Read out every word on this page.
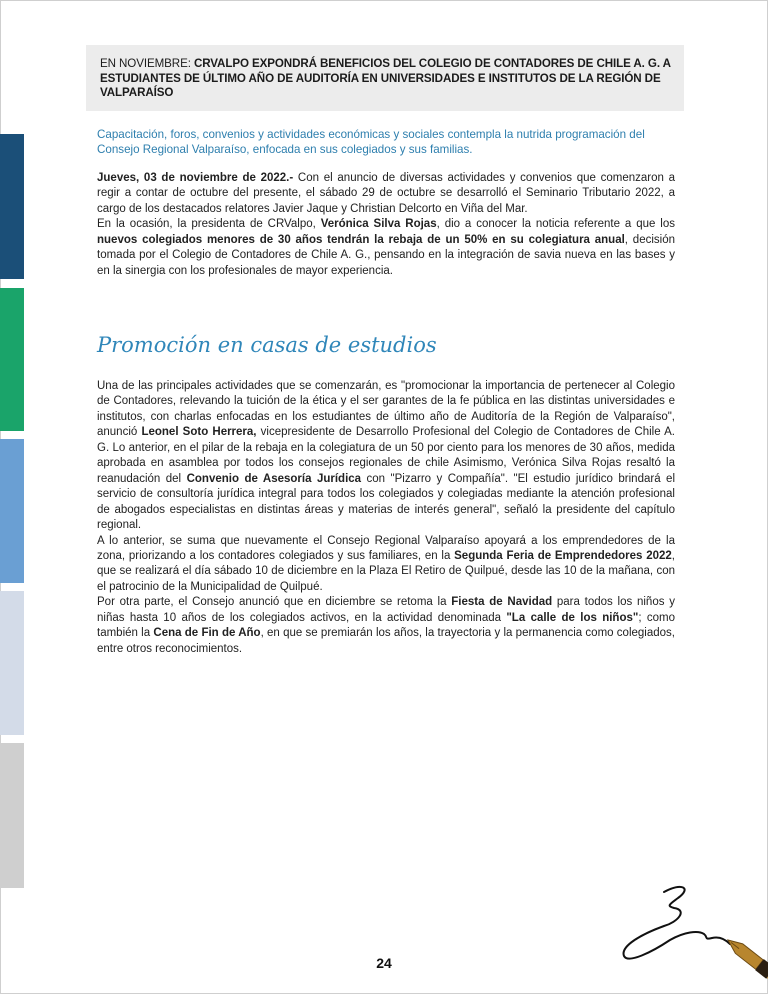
EN NOVIEMBRE: CRVALPO EXPONDRÁ BENEFICIOS DEL COLEGIO DE CONTADORES DE CHILE A. G. A ESTUDIANTES DE ÚLTIMO AÑO DE AUDITORÍA EN UNIVERSIDADES E INSTITUTOS DE LA REGIÓN DE VALPARAÍSO
Capacitación, foros, convenios y actividades económicas y sociales contempla la nutrida programación del Consejo Regional Valparaíso, enfocada en sus colegiados y sus familias.

Jueves, 03 de noviembre de 2022.- Con el anuncio de diversas actividades y convenios que comenzaron a regir a contar de octubre del presente, el sábado 29 de octubre se desarrolló el Seminario Tributario 2022, a cargo de los destacados relatores Javier Jaque y Christian Delcorto en Viña del Mar.

En la ocasión, la presidenta de CRValpo, Verónica Silva Rojas, dio a conocer la noticia referente a que los nuevos colegiados menores de 30 años tendrán la rebaja de un 50% en su colegiatura anual, decisión tomada por el Colegio de Contadores de Chile A. G., pensando en la integración de savia nueva en las bases y en la sinergia con los profesionales de mayor experiencia.

Promoción en casas de estudios

Una de las principales actividades que se comenzarán, es "promocionar la importancia de pertenecer al Colegio de Contadores, relevando la tuición de la ética y el ser garantes de la fe pública en las distintas universidades e institutos, con charlas enfocadas en los estudiantes de último año de Auditoría de la Región de Valparaíso", anunció Leonel Soto Herrera, vicepresidente de Desarrollo Profesional del Colegio de Contadores de Chile A. G. Lo anterior, en el pilar de la rebaja en la colegiatura de un 50 por ciento para los menores de 30 años, medida aprobada en asamblea por todos los consejos regionales de chile Asimismo, Verónica Silva Rojas resaltó la reanudación del Convenio de Asesoría Jurídica con "Pizarro y Compañía". "El estudio jurídico brindará el servicio de consultoría jurídica integral para todos los colegiados y colegiadas mediante la atención profesional de abogados especialistas en distintas áreas y materias de interés general", señaló la presidente del capítulo regional.

A lo anterior, se suma que nuevamente el Consejo Regional Valparaíso apoyará a los emprendedores de la zona, priorizando a los contadores colegiados y sus familiares, en la Segunda Feria de Emprendedores 2022, que se realizará el día sábado 10 de diciembre en la Plaza El Retiro de Quilpué, desde las 10 de la mañana, con el patrocinio de la Municipalidad de Quilpué.

Por otra parte, el Consejo anunció que en diciembre se retoma la Fiesta de Navidad para todos los niños y niñas hasta 10 años de los colegiados activos, en la actividad denominada "La calle de los niños"; como también la Cena de Fin de Año, en que se premiarán los años, la trayectoria y la permanencia como colegiados, entre otros reconocimientos.

24
